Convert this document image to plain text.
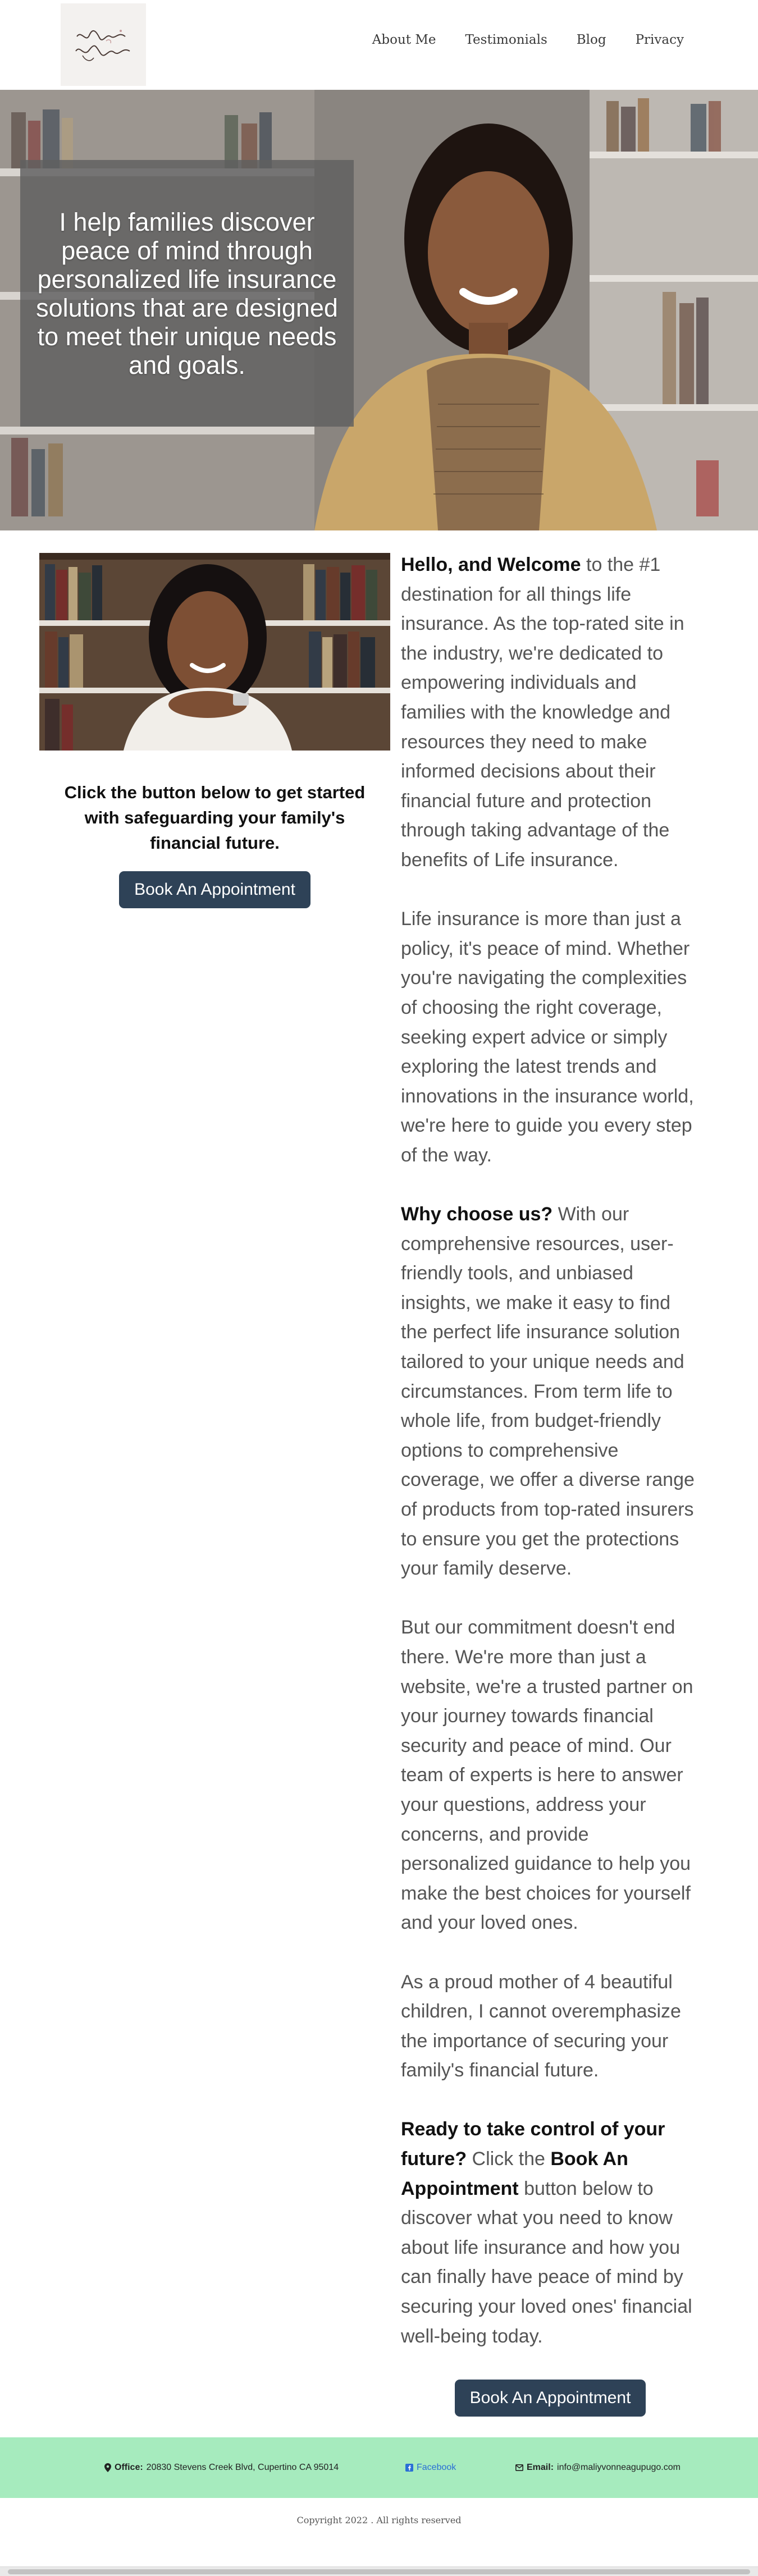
About Me Testimonials Blog Privacy
I help families discover peace of mind through personalized life insurance solutions that are designed to meet their unique needs and goals.

Click the button below to get started with safeguarding your family's financial future.

Book An Appointment

Hello, and Welcome to the #1 destination for all things life insurance. As the top-rated site in the industry, we're dedicated to empowering individuals and families with the knowledge and resources they need to make informed decisions about their financial future and protection through taking advantage of the benefits of Life insurance.

Life insurance is more than just a policy, it's peace of mind. Whether you're navigating the complexities of choosing the right coverage, seeking expert advice or simply exploring the latest trends and innovations in the insurance world, we're here to guide you every step of the way.

Why choose us? With our comprehensive resources, user-friendly tools, and unbiased insights, we make it easy to find the perfect life insurance solution tailored to your unique needs and circumstances. From term life to whole life, from budget-friendly options to comprehensive coverage, we offer a diverse range of products from top-rated insurers to ensure you get the protections your family deserve.

But our commitment doesn't end there. We're more than just a website, we're a trusted partner on your journey towards financial security and peace of mind. Our team of experts is here to answer your questions, address your concerns, and provide personalized guidance to help you make the best choices for yourself and your loved ones.

As a proud mother of 4 beautiful children, I cannot overemphasize the importance of securing your family's financial future.

Ready to take control of your future? Click the Book An Appointment button below to discover what you need to know about life insurance and how you can finally have peace of mind by securing your loved ones' financial well-being today.

Book An Appointment
Office: 20830 Stevens Creek Blvd, Cupertino CA 95014	Facebook	Email: info@maliyvonneagupugo.com
Copyright 2022 . All rights reserved
